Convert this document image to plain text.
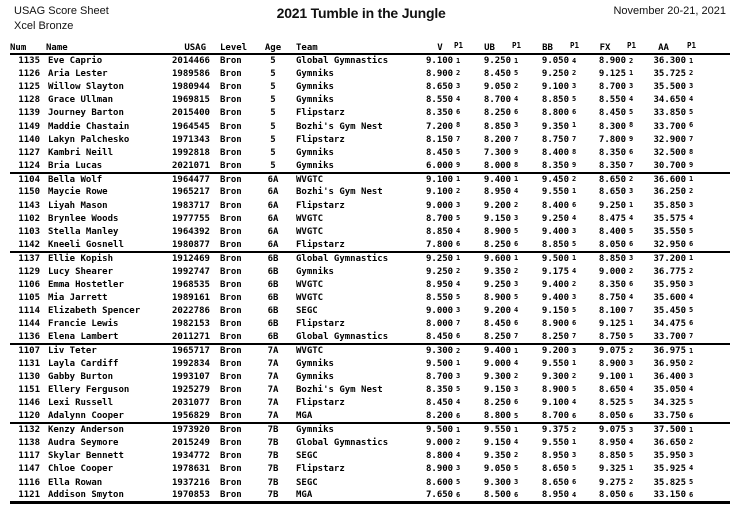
USAG Score Sheet
Xcel Bronze
2021 Tumble in the Jungle	November 20-21, 2021
Num	Name	USAG	Level	Age	Team	V	P1	UB	P1	BB	P1	FX	P1	AA	P1	
1135	Eve Caprio	2014466	Bron	5	Global Gymnastics	9.100	1	9.250	1	9.050	4	8.900	2	36.300	1	
1126	Aria Lester	1989586	Bron	5	Gymniks	8.900	2	8.450	5	9.250	2	9.125	1	35.725	2	
1125	Willow Slayton	1980944	Bron	5	Gymniks	8.650	3	9.050	2	9.100	3	8.700	3	35.500	3	
1128	Grace Ullman	1969815	Bron	5	Gymniks	8.550	4	8.700	4	8.850	5	8.550	4	34.650	4	
1139	Journey Barton	2015400	Bron	5	Flipstarz	8.350	6	8.250	6	8.800	6	8.450	5	33.850	5	
1149	Maddie Chastain	1964545	Bron	5	Bozhi's Gym Nest	7.200	8	8.850	3	9.350	1	8.300	8	33.700	6	
1140	Lakyn Palchesko	1971343	Bron	5	Flipstarz	8.150	7	8.200	7	8.750	7	7.800	9	32.900	7	
1127	Kambri Neill	1992818	Bron	5	Gymniks	8.450	5	7.300	9	8.400	8	8.350	6	32.500	8	
1124	Bria Lucas	2021071	Bron	5	Gymniks	6.000	9	8.000	8	8.350	9	8.350	7	30.700	9	
1104	Bella Wolf	1964477	Bron	6A	WVGTC	9.100	1	9.400	1	9.450	2	8.650	2	36.600	1	
1150	Maycie Rowe	1965217	Bron	6A	Bozhi's Gym Nest	9.100	2	8.950	4	9.550	1	8.650	3	36.250	2	
1143	Liyah Mason	1983717	Bron	6A	Flipstarz	9.000	3	9.200	2	8.400	6	9.250	1	35.850	3	
1102	Brynlee Woods	1977755	Bron	6A	WVGTC	8.700	5	9.150	3	9.250	4	8.475	4	35.575	4	
1103	Stella Manley	1964392	Bron	6A	WVGTC	8.850	4	8.900	5	9.400	3	8.400	5	35.550	5	
1142	Kneeli Gosnell	1980877	Bron	6A	Flipstarz	7.800	6	8.250	6	8.850	5	8.050	6	32.950	6	
1137	Ellie Kopish	1912469	Bron	6B	Global Gymnastics	9.250	1	9.600	1	9.500	1	8.850	3	37.200	1	
1129	Lucy Shearer	1992747	Bron	6B	Gymniks	9.250	2	9.350	2	9.175	4	9.000	2	36.775	2	
1106	Emma Hostetler	1968535	Bron	6B	WVGTC	8.950	4	9.250	3	9.400	2	8.350	6	35.950	3	
1105	Mia Jarrett	1989161	Bron	6B	WVGTC	8.550	5	8.900	5	9.400	3	8.750	4	35.600	4	
1114	Elizabeth Spencer	2022786	Bron	6B	SEGC	9.000	3	9.200	4	9.150	5	8.100	7	35.450	5	
1144	Francie Lewis	1982153	Bron	6B	Flipstarz	8.000	7	8.450	6	8.900	6	9.125	1	34.475	6	
1136	Elena Lambert	2011271	Bron	6B	Global Gymnastics	8.450	6	8.250	7	8.250	7	8.750	5	33.700	7	
1107	Liv Teter	1965717	Bron	7A	WVGTC	9.300	2	9.400	1	9.200	3	9.075	2	36.975	1	
1131	Layla Cardiff	1992834	Bron	7A	Gymniks	9.500	1	9.000	4	9.550	1	8.900	3	36.950	2	
1130	Gabby Burton	1993107	Bron	7A	Gymniks	8.700	3	9.300	2	9.300	2	9.100	1	36.400	3	
1151	Ellery Ferguson	1925279	Bron	7A	Bozhi's Gym Nest	8.350	5	9.150	3	8.900	5	8.650	4	35.050	4	
1146	Lexi Russell	2031077	Bron	7A	Flipstarz	8.450	4	8.250	6	9.100	4	8.525	5	34.325	5	
1120	Adalynn Cooper	1956829	Bron	7A	MGA	8.200	6	8.800	5	8.700	6	8.050	6	33.750	6	
1132	Kenzy Anderson	1973920	Bron	7B	Gymniks	9.500	1	9.550	1	9.375	2	9.075	3	37.500	1	
1138	Audra Seymore	2015249	Bron	7B	Global Gymnastics	9.000	2	9.150	4	9.550	1	8.950	4	36.650	2	
1117	Skylar Bennett	1934772	Bron	7B	SEGC	8.800	4	9.350	2	8.950	3	8.850	5	35.950	3	
1147	Chloe Cooper	1978631	Bron	7B	Flipstarz	8.900	3	9.050	5	8.650	5	9.325	1	35.925	4	
1116	Ella Rowan	1937216	Bron	7B	SEGC	8.600	5	9.300	3	8.650	6	9.275	2	35.825	5	
1121	Addison Smyton	1970853	Bron	7B	MGA	7.650	6	8.500	6	8.950	4	8.050	6	33.150	6	
